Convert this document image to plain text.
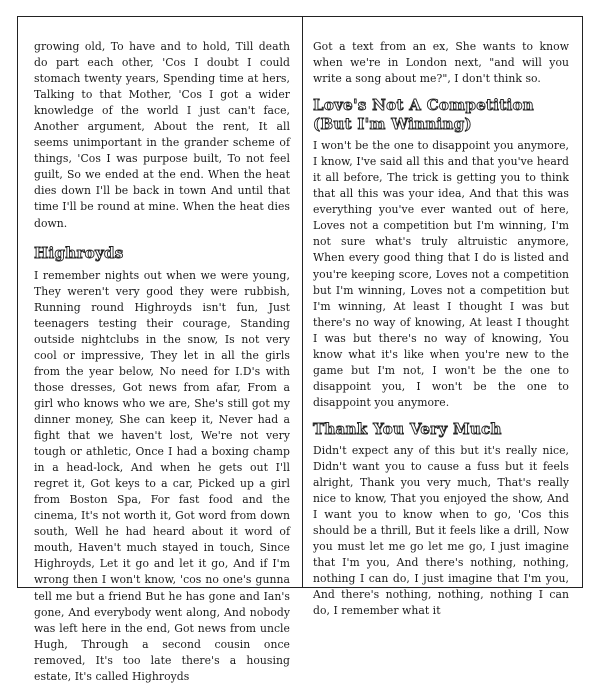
growing old, To have and to hold, Till death do part each other, 'Cos I doubt I could stomach twenty years, Spending time at hers, Talking to that Mother, 'Cos I got a wider knowledge of the world I just can't face, Another argument, About the rent, It all seems unimportant in the grander scheme of things, 'Cos I was purpose built, To not feel guilt, So we ended at the end. When the heat dies down I'll be back in town And until that time I'll be round at mine. When the heat dies down.

Highroyds

I remember nights out when we were young, They weren't very good they were rubbish, Running round Highroyds isn't fun, Just teenagers testing their courage, Standing outside nightclubs in the snow, Is not very cool or impressive, They let in all the girls from the year below, No need for I.D's with those dresses, Got news from afar, From a girl who knows who we are, She's still got my dinner money, She can keep it, Never had a fight that we haven't lost, We're not very tough or athletic, Once I had a boxing champ in a head-lock, And when he gets out I'll regret it, Got keys to a car, Picked up a girl from Boston Spa, For fast food and the cinema, It's not worth it, Got word from down south, Well he had heard about it word of mouth, Haven't much stayed in touch, Since Highroyds, Let it go and let it go, And if I'm wrong then I won't know, 'cos no one's gunna tell me but a friend But he has gone and Ian's gone, And everybody went along, And nobody was left here in the end, Got news from uncle Hugh, Through a second cousin once removed, It's too late there's a housing estate, It's called Highroyds

Got a text from an ex, She wants to know when we're in London next, "and will you write a song about me?", I don't think so.

Love's Not A Competition
(But I'm Winning)

I won't be the one to disappoint you anymore, I know, I've said all this and that you've heard it all before, The trick is getting you to think that all this was your idea, And that this was everything you've ever wanted out of here, Loves not a competition but I'm winning, I'm not sure what's truly altruistic anymore, When every good thing that I do is listed and you're keeping score, Loves not a competition but I'm winning, Loves not a competition but I'm winning, At least I thought I was but there's no way of knowing, At least I thought I was but there's no way of knowing, You know what it's like when you're new to the game but I'm not, I won't be the one to disappoint you, I won't be the one to disappoint you anymore.

Thank You Very Much

Didn't expect any of this but it's really nice, Didn't want you to cause a fuss but it feels alright, Thank you very much, That's really nice to know, That you enjoyed the show, And I want you to know when to go, 'Cos this should be a thrill, But it feels like a drill, Now you must let me go let me go, I just imagine that I'm you, And there's nothing, nothing, nothing I can do, I just imagine that I'm you, And there's nothing, nothing, nothing I can do, I remember what it
